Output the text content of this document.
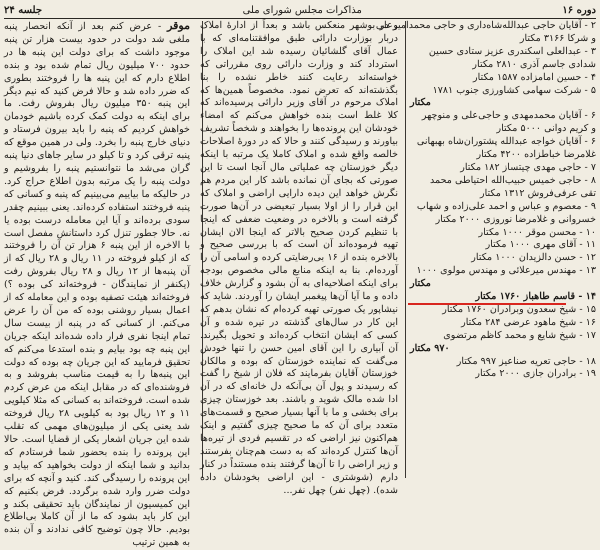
دوره ۱۶
مذاکرات مجلس شورای ملی
جلسه ۲۴

۲ - آقایان حاجی عبدالله‌شاه‌داری و حاجی محمد‌امیرعلی

و شرکا ۳۱۶۶ مکتار

۳ - عبدالعلی اسکندری عزیز ستادی حسین

شدادی جاسم آذری ۲۸۱۰ مکتار

۴ - حسین امامزاده ۱۵۸۷ مکتار

۵ - شرکت سهامی کشاورزی جنوب ۱۷۸۱

مکتار

۶ - آقایان محمد‌مهدی و حاجی‌علی و منوچهر

و کریم دوانی ۵۰۰۰ مکتار

۶ - آقایان خواجه عبدالله پشتوران‌شاه بهبهانی

غلامرضا خباطزاده ۴۲۰۰ مکتار

۷ - حاجی مهدی چیتساز ۱۸۲ مکتار

۸ - حاجی خمیس حبیب‌الله احتیاطی محمد

تقی عرفی‌فروش ۱۳۱۲ مکتار

۹ - معصوم و عباس و احمد علی‌زاده و شهاب

خسروانی و غلامرضا نوروزی ۲۰۰۰ مکتار

۱۰ - محسن موقر ۱۰۰۰ مکتار

۱۱ - آقای مهری ۱۰۰۰ مکتار

۱۲ - حسن دالزیدان ۱۰۰۰ مکتار

۱۳ - مهندس میرعلائی و مهندس مولوی ۱۰۰۰

مکتار

۱۴ - قاسم طاهباز ۱۷۶۰ مکتار

۱۵ - شیخ سعدون وبرادران ۱۷۶۰ مکتار

۱۶ - شیخ ماهود عرضی ۲۸۴ مکتار

۱۷ - شیخ شایع و محمد کاظم مرتضوی

۹۷۰ مکتار

۱۸ - حاجی تعریه صناعیز ۹۹۷ مکتار

۱۹ - برادران جازی ۲۰۰۰ مکتار

و در بوشهر منعکس باشد و بعداً از ادارهٔ املاک دربار بوزارت دارائی طبق موافقتنامه‌ای که با عمال آقای گلشائیان رسیده شد این املاک را استرداد کند و وزارت دارائی روی مقرراتی که خواسته‌اند رعایت کنند خاطر نشده را بنا بگذشته‌اند که تعرض نمود. مخصوصاً همین‌ها که املاک مرحوم در آقای وزیر دارائی پرسیده‌اند که کلا غلط است بنده خواهش می‌کنم که امضاء خودشان این پرونده‌ها را بخواهند و شخصاً تشریف بیاورند و رسیدگی کنند و حالا که در دورهٔ اصلاحات خالصه واقع شده و املاک کاملا یک مرتبه با اینکه دیگر خوزستان چه عملیاتی مال آنجا است تا این صورتی که بجای آن نمانده باشد کار این مردم هم نگرش خواهد این دیده دارایی اراضی و املاک که این قرار را از اولا بسیار تبعیضی در آن‌ها صورت گرفته است و بالاخره در وضعیت ضعفی که اینجا با تنظیم کردن صحیح بالاتر که اینجا الان ایشان تهیه فرموده‌اند آن است که با بررسی صحیح و بالاخره بنده از ۱۶ بی‌رضایتی کرده و اسامی آن را آورده‌ام. بنا به اینکه منابع مالی مخصوص بودجه برای اینکه اصلاحیه‌ای به آن بشود و گزارش خلاف داده و ما آیا آن‌ها پیغمبر ایشان را آوردند. شاید که نیشاپور یک صورتی تهیه کرده‌ام که نشان بدهم که این کار در سال‌های گذشته در تیره شده و آن کسی که ایشان انتخاب کرده‌اند و تحویل بگیرند. آن آبیاری را این آقای امین حسن را تنها خودش می‌گفت که نماینده خوزستان که بوده و مالکان خوزستان آقایان بفرمایند که فلان از شیخ را گفت که رسیدند و پول آن بی‌آنکه دل خانه‌ای که در آن ادا شده مالک شوید و باشند. بعد خوزستان چیزی برای بخشی و ما با آنها بسیار صحیح و قسمت‌های متعدد برای آن که ما صحیح چیزی گفتیم و اینک هم‌اکنون نیز اراضی که در تقسیم فردی از تیره‌ها آن‌ها کنترل کرده‌اند که به دست هم‌چنان بفرستند و زیر اراضی را تا آن‌ها گرفتند بنده مستنداً در کنار دارم (شوشتری - این اراضی بخودشان داده شده). (چهل نفر) چهل نفر...

موقر - عرض کنم بعد از آنکه انحصار پنبه ملغی شد دولت در حدود بیست هزار تن پنبه موجود داشت که برای دولت این پنبه ها در حدود ۷۰۰ میلیون ریال تمام شده بود و بنده اطلاع دارم که این پنبه ها را فروختند بطوری که ضرر داده شد و حالا فرض کنید که نیم دیگر این پنبه ۳۵۰ میلیون ریال بفروش رفت. ما برای اینکه به دولت کمک کرده باشیم خودمان خواهش کردیم که پنبه را باید بیرون فرستاد و دنیای خارج پنبه را بخرد. ولی در همین موقع که پنبه ترقی کرد و تا کیلو در سایر جاهای دنیا پنبه گران می‌شد ما نتوانستیم پنبه را بفروشیم و دولت پنبه را یک مرتبه بدون اطلاع حراج کرد. در حالیکه ما بیاییم می‌بینیم که پنبه و کسانی که پنبه فروختند استفاده کرده‌اند. یعنی ببینیم چقدر سودی برده‌اند و آیا این معامله درست بوده یا نه. حالا جطور تنزل کرد داستانش مفصل است با الاخره از این پنبه ۶ هزار تن آن را فروختند که از کیلو فروخته در ۱۱ ریال و ۲۸ ریال که از آن پنبه‌ها از ۱۲ ریال و ۲۸ ریال بفروش رفت (یکنفر از نمایندگان - فروخته‌اند کی بوده ؟) فروخته‌اند هیئت تصفیه بوده و این معامله که از اعمال بسیار روشنی بوده که من آن را عرض می‌کنم. از کسانی که در پنبه از بیست سال تمام اینجا نفری فرار داده شده‌اند اینکه جریان این پنبه چه بود بیایم و بنده استدعا می‌کنم که تحقیق فرمایید که این جریان چه بوده که دولت این پنبه‌ها را به قیمت مناسب بفروشد و به فروشنده‌ای که در مقابل اینکه من عرض کردم شده است. فروخته‌اند به کسانی که مثلا کیلویی ۱۱ و ۱۲ ریال بود به کیلویی ۲۸ ریال فروخته شد یعنی یکی از میلیون‌های مهمی که تقلب شده این جریان اشعار یکی از قضایا است. حالا این پرونده را بنده بحضور شما فرستادم که بدانید و شما اینکه از دولت بخواهید که بیاید و این پرونده را رسیدگی کند. کنید و آنچه که برای دولت ضرر وارد شده برگردد. فرض بکنیم که این کمیسیون از نمایندگان باید تحقیقی بکند و این کار باید بشود که ما از آن کاملا بی‌اطلاع بودیم. حالا چون توضیح کافی ندادند و آن بنده به همین ترتیب
